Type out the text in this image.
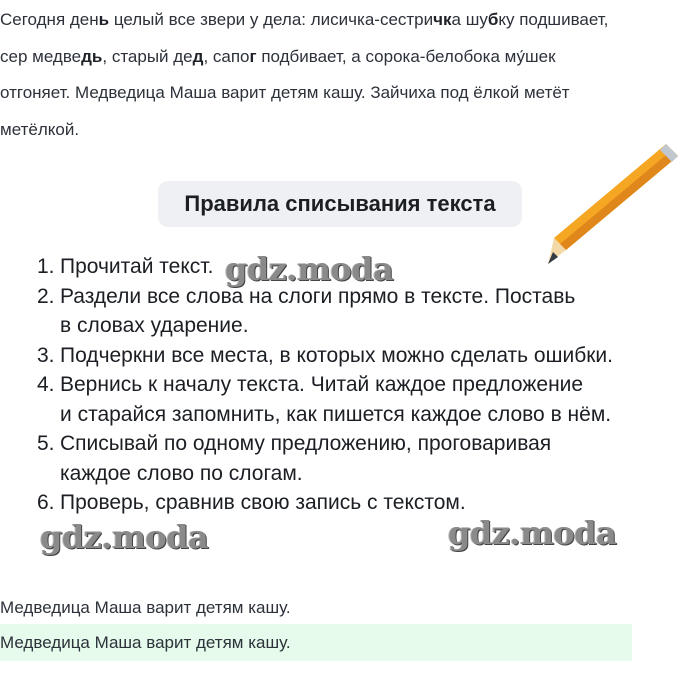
Сегодня день целый все звери у дела: лисичка-сестричка шубку подшивает,
сер медведь, старый дед, сапог подбивает, а сорока-белобока му́шек
отгоняет. Медведица Маша варит детям кашу. Зайчиха под ёлкой метёт
метёлкой.
Правила списывания текста
1. Прочитай текст.
2. Раздели все слова на слоги прямо в тексте. Поставь
в словах ударение.
3. Подчеркни все места, в которых можно сделать ошибки.
4. Вернись к началу текста. Читай каждое предложение
и старайся запомнить, как пишется каждое слово в нём.
5. Списывай по одному предложению, проговаривая
каждое слово по слогам.
6. Проверь, сравнив свою запись с текстом.
gdz.moda
gdz.moda	gdz.moda
Медведица Маша варит детям кашу.
Медведица Маша варит детям кашу.
